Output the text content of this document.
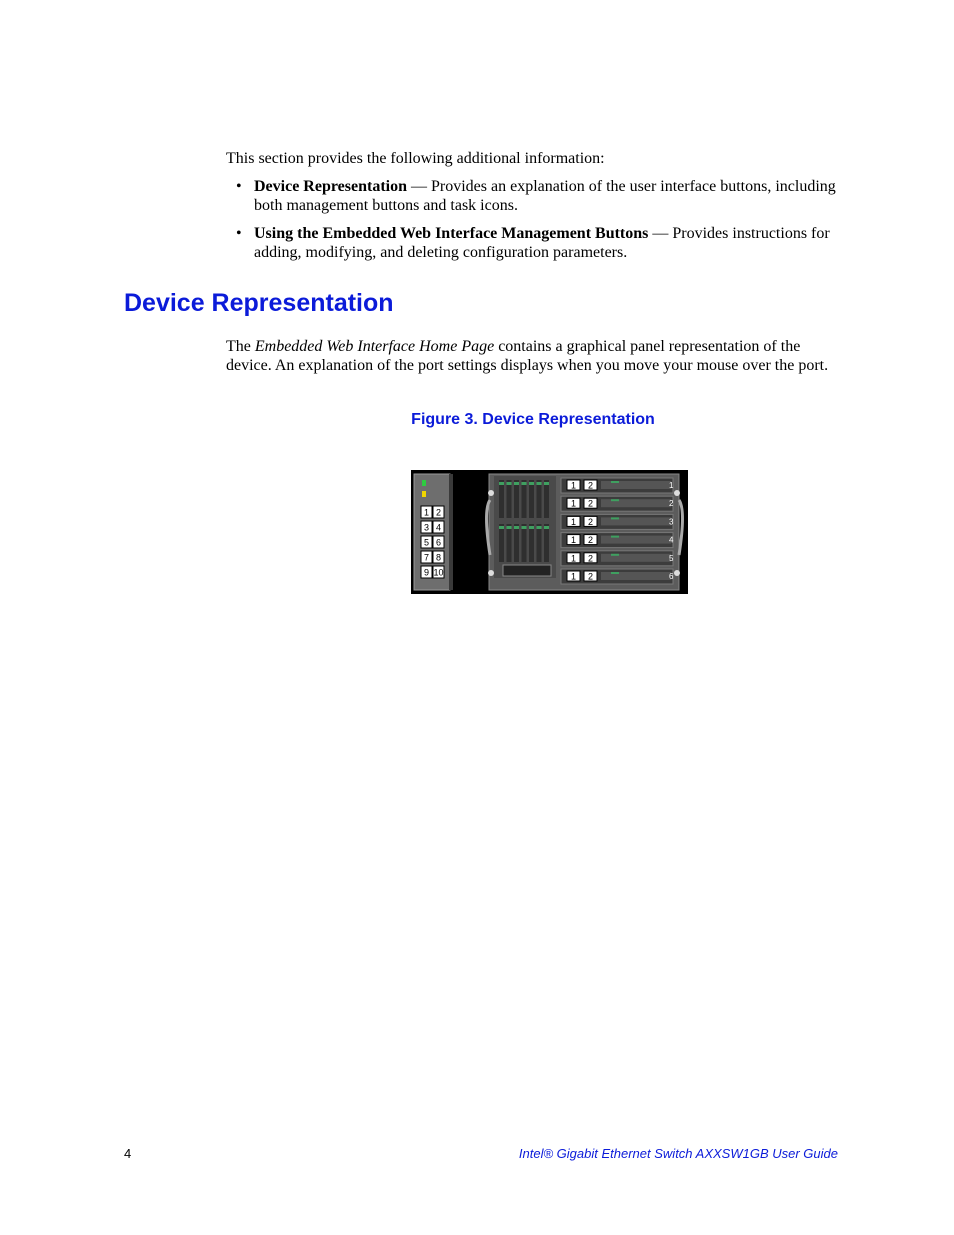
This section provides the following additional information:
• Device Representation — Provides an explanation of the user interface buttons, including both management buttons and task icons.
• Using the Embedded Web Interface Management Buttons — Provides instructions for adding, modifying, and deleting configuration parameters.
Device Representation
The Embedded Web Interface Home Page contains a graphical panel representation of the device. An explanation of the port settings displays when you move your mouse over the port.
Figure 3. Device Representation
1 2
3 4
5 6
7 8
9 10
1 2	1
1 2	2
1 2	3
1 2	4
1 2	5
1 2	6
4	Intel® Gigabit Ethernet Switch AXXSW1GB User Guide
